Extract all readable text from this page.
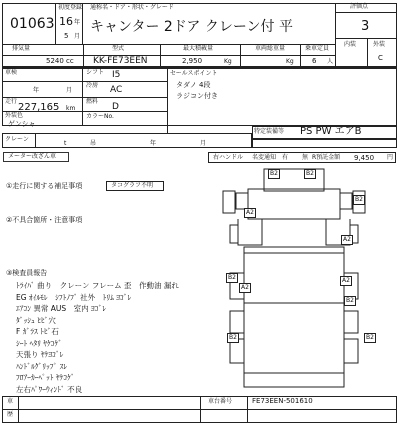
01063
初度登録
16 年
5 月
通称名・ドア・形状・グレード
キャンター 2ドア クレーン付 平
評価点
3
内装	外装
C
排気量
5240 cc
型式
KK-FE73EEN
最大積載量
2,950	Kg
車両総重量
Kg
乗車定員
6 人
車検
年	月
シフト I5
冷房 AC
走行
227,165 km
燃料
D
外装色
ゲンシャ
カラーNo.
セールスポイント
タダノ 4段
ラジコン付き
クレーン
t	吊	年	月
特定装備等 PS PW エアB
メーター改ざん車	右ハンドル 名変通知 有 無 R預託金額 9,450 円
①走行に関する補足事項	タコグラフ不明
②不具合箇所・注意事項
③検査員報告
ﾄﾗｲﾊﾞ 曲り　クレーン フレーム 歪　作動油 漏れ
EG ｵｲﾙﾓﾚ　ｼﾌﾄﾉﾌﾞ 社外　ﾄﾘﾑ ﾖｺﾞﾚ
ｴｱｺﾝ 異常 AUS　室内 ﾖｺﾞﾚ
ﾀﾞｯｼｭ ﾋﾋﾞ穴
F ｶﾞﾗｽ ﾄﾋﾞ石
ｼｰﾄ ﾍﾀﾘ ﾔｹｺｹﾞ
天張り ﾔｹﾖｺﾞﾚ
ﾊﾝﾄﾞﾙｸﾞﾘｯﾌﾟ ｽﾚ
ﾌﾛｱｰｶｰﾍﾟｯﾄ ﾔｹｺｹﾞ
左右ﾊﾟﾜｰｳｨﾝﾄﾞ 不良
B2	B2
B2
A2
A2
B2
A2
A2
B2
B2	B2
車
歴
車台番号	FE73EEN-501610
